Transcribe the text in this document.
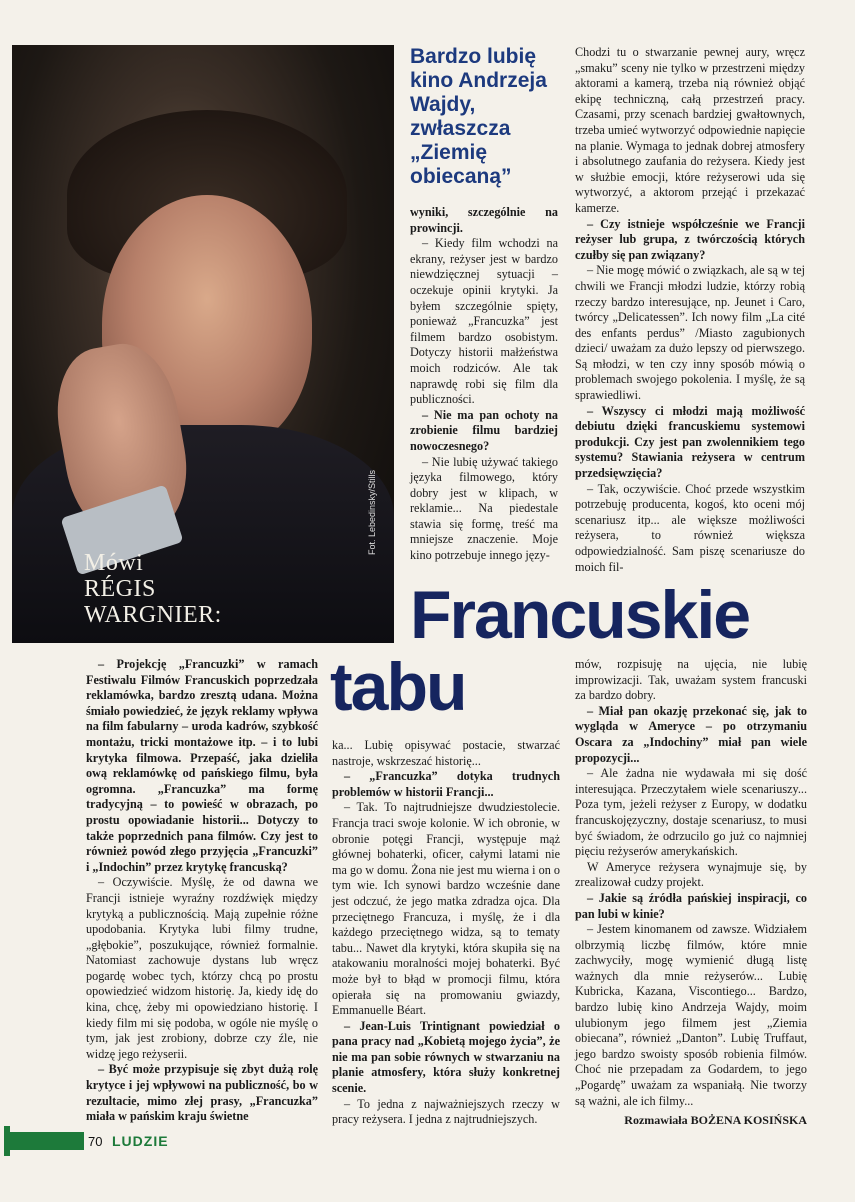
Mówi
RÉGIS
WARGNIER:
Fot. Lebedinsky/Stills
Bardzo lubię
kino Andrzeja
Wajdy,
zwłaszcza
„Ziemię
obiecaną”

wyniki, szczególnie na prowincji.

– Kiedy film wchodzi na ekrany, reżyser jest w bardzo niewdzięcznej sytuacji – oczekuje opinii krytyki. Ja byłem szczególnie spięty, ponieważ „Francuzka” jest filmem bardzo osobistym. Dotyczy historii małżeństwa moich rodziców. Ale tak naprawdę robi się film dla publiczności.

– Nie ma pan ochoty na zrobienie filmu bardziej nowoczesnego?

– Nie lubię używać takiego języka filmowego, który dobry jest w klipach, w reklamie... Na piedestale stawia się formę, treść ma mniejsze znaczenie. Moje kino potrzebuje innego języ-

Chodzi tu o stwarzanie pewnej aury, wręcz „smaku” sceny nie tylko w przestrzeni między aktorami a kamerą, trzeba nią również objąć ekipę techniczną, całą przestrzeń pracy. Czasami, przy scenach bardziej gwałtownych, trzeba umieć wytworzyć odpowiednie napięcie na planie. Wymaga to jednak dobrej atmosfery i absolutnego zaufania do reżysera. Kiedy jest w służbie emocji, które reżyserowi uda się wytworzyć, a aktorom przejąć i przekazać kamerze.

– Czy istnieje współcześnie we Francji reżyser lub grupa, z twórczością których czułby się pan związany?

– Nie mogę mówić o związkach, ale są w tej chwili we Francji młodzi ludzie, którzy robią rzeczy bardzo interesujące, np. Jeunet i Caro, twórcy „Delicatessen”. Ich nowy film „La cité des enfants perdus” /Miasto zagubionych dzieci/ uważam za dużo lepszy od pierwszego. Są młodzi, w ten czy inny sposób mówią o problemach swojego pokolenia. I myślę, że są sprawiedliwi.

– Wszyscy ci młodzi mają możliwość debiutu dzięki francuskiemu systemowi produkcji. Czy jest pan zwolennikiem tego systemu? Stawiania reżysera w centrum przedsięwzięcia?

– Tak, oczywiście. Choć przede wszystkim potrzebuję producenta, kogoś, kto oceni mój scenariusz itp... ale większe możliwości reżysera, to również większa odpowiedzialność. Sam piszę scenariusze do moich fil-

Francuskie
tabu

– Projekcję „Francuzki” w ramach Festiwalu Filmów Francuskich poprzedzała reklamówka, bardzo zresztą udana. Można śmiało powiedzieć, że język reklamy wpływa na film fabularny – uroda kadrów, szybkość montażu, tricki montażowe itp. – i to lubi krytyka filmowa. Przepaść, jaka dzieliła ową reklamówkę od pańskiego filmu, była ogromna. „Francuzka” ma formę tradycyjną – to powieść w obrazach, po prostu opowiadanie historii... Dotyczy to także poprzednich pana filmów. Czy jest to również powód złego przyjęcia „Francuzki” i „Indochin” przez krytykę francuską?

– Oczywiście. Myślę, że od dawna we Francji istnieje wyraźny rozdźwięk między krytyką a publicznością. Mają zupełnie różne upodobania. Krytyka lubi filmy trudne, „głębokie”, poszukujące, również formalnie. Natomiast zachowuje dystans lub wręcz pogardę wobec tych, którzy chcą po prostu opowiedzieć widzom historię. Ja, kiedy idę do kina, chcę, żeby mi opowiedziano historię. I kiedy film mi się podoba, w ogóle nie myślę o tym, jak jest zrobiony, dobrze czy źle, nie widzę jego reżyserii.

– Być może przypisuje się zbyt dużą rolę krytyce i jej wpływowi na publiczność, bo w rezultacie, mimo złej prasy, „Francuzka” miała w pańskim kraju świetne

ka... Lubię opisywać postacie, stwarzać nastroje, wskrzeszać historię...

– „Francuzka” dotyka trudnych problemów w historii Francji...

– Tak. To najtrudniejsze dwudziestolecie. Francja traci swoje kolonie. W ich obronie, w obronie potęgi Francji, występuje mąż głównej bohaterki, oficer, całymi latami nie ma go w domu. Żona nie jest mu wierna i on o tym wie. Ich synowi bardzo wcześnie dane jest odczuć, że jego matka zdradza ojca. Dla przeciętnego Francuza, i myślę, że i dla każdego przeciętnego widza, są to tematy tabu... Nawet dla krytyki, która skupiła się na atakowaniu moralności mojej bohaterki. Być może był to błąd w promocji filmu, która opierała się na promowaniu gwiazdy, Emmanuelle Béart.

– Jean-Luis Trintignant powiedział o pana pracy nad „Kobietą mojego życia”, że nie ma pan sobie równych w stwarzaniu na planie atmosfery, która służy konkretnej scenie.

– To jedna z najważniejszych rzeczy w pracy reżysera. I jedna z najtrudniejszych.

mów, rozpisuję na ujęcia, nie lubię improwizacji. Tak, uważam system francuski za bardzo dobry.

– Miał pan okazję przekonać się, jak to wygląda w Ameryce – po otrzymaniu Oscara za „Indochiny” miał pan wiele propozycji...

– Ale żadna nie wydawała mi się dość interesująca. Przeczytałem wiele scenariuszy... Poza tym, jeżeli reżyser z Europy, w dodatku francuskojęzyczny, dostaje scenariusz, to musi być świadom, że odrzucilo go już co najmniej pięciu reżyserów amerykańskich.

W Ameryce reżysera wynajmuje się, by zrealizował cudzy projekt.

– Jakie są źródła pańskiej inspiracji, co pan lubi w kinie?

– Jestem kinomanem od zawsze. Widziałem olbrzymią liczbę filmów, które mnie zachwyciły, mogę wymienić długą listę ważnych dla mnie reżyserów... Lubię Kubricka, Kazana, Viscontiego... Bardzo, bardzo lubię kino Andrzeja Wajdy, moim ulubionym jego filmem jest „Ziemia obiecana”, również „Danton”. Lubię Truffaut, jego bardzo swoisty sposób robienia filmów. Choć nie przepadam za Godardem, to jego „Pogardę” uważam za wspaniałą. Nie tworzy są ważni, ale ich filmy...

Rozmawiała BOŻENA KOSIŃSKA
70 LUDZIE
